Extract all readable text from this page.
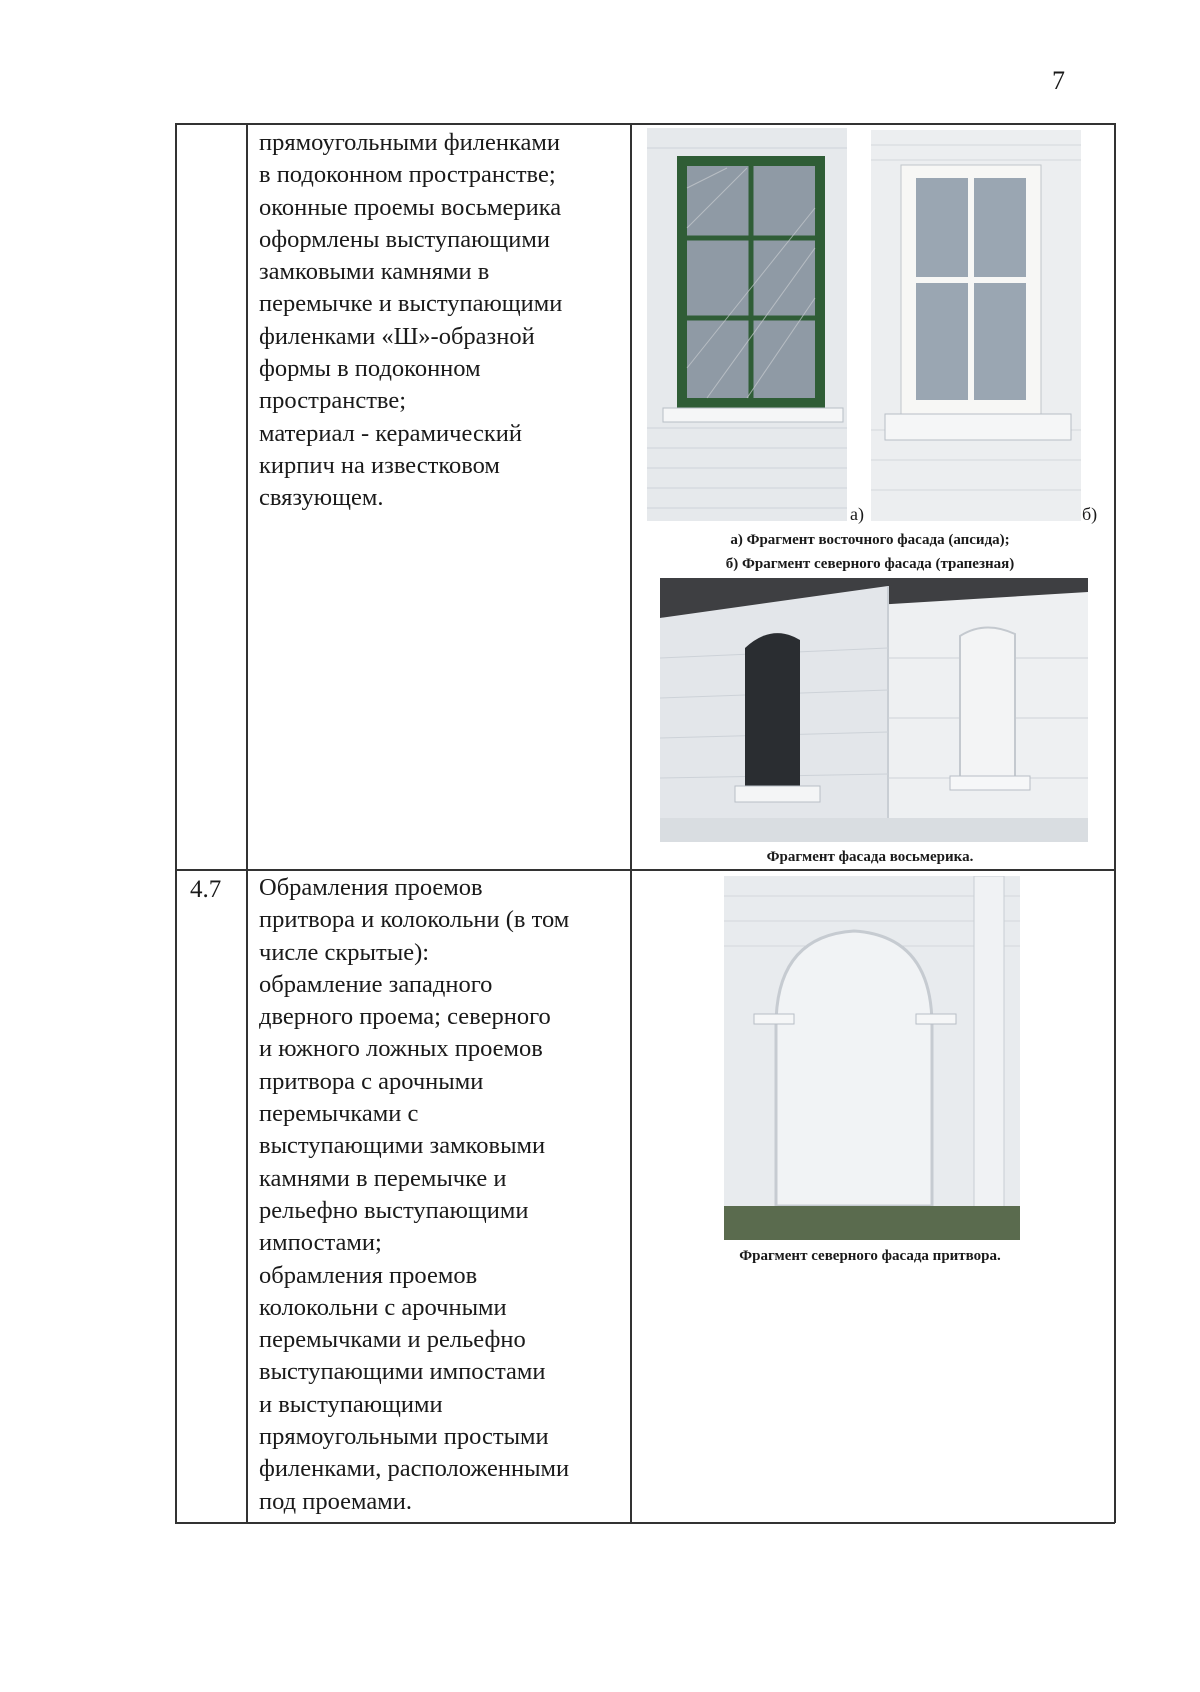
7
прямоугольными филенками
в подоконном пространстве;
оконные проемы восьмерика
оформлены выступающими
замковыми камнями в
перемычке и выступающими
филенками «Ш»-образной
формы в подоконном
пространстве;
материал - керамический
кирпич на известковом
связующем.
а)	б)
а) Фрагмент восточного фасада (апсида);
б) Фрагмент северного фасада (трапезная)
Фрагмент фасада восьмерика.
4.7 Обрамления проемов
притвора и колокольни (в том
числе скрытые):
обрамление западного
дверного проема; северного
и южного ложных проемов
притвора с арочными
перемычками с
выступающими замковыми
камнями в перемычке и
рельефно выступающими
импостами;
обрамления проемов
колокольни с арочными
перемычками и рельефно
выступающими импостами
и выступающими
прямоугольными простыми
филенками, расположенными
под проемами.
Фрагмент северного фасада притвора.
